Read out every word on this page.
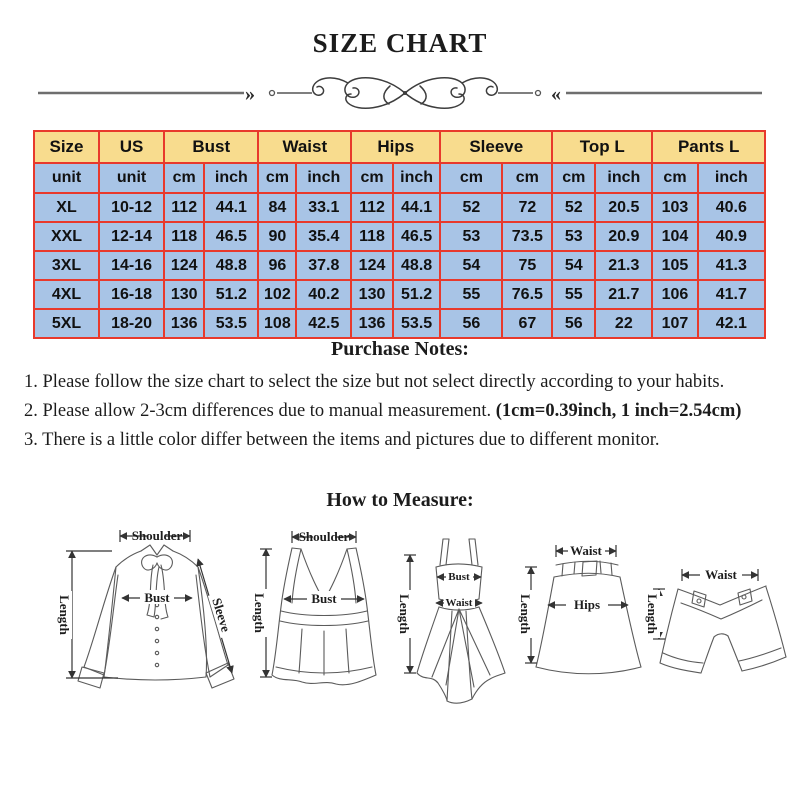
SIZE CHART
»	«
Size	US	Bust		Waist		Hips		Sleeve		Top L		Pants L	
unit	unit	cm	inch	cm	inch	cm	inch	cm	cm	cm	inch	cm	inch
XL	10-12	112	44.1	84	33.1	112	44.1	52	72	52	20.5	103	40.6
XXL	12-14	118	46.5	90	35.4	118	46.5	53	73.5	53	20.9	104	40.9
3XL	14-16	124	48.8	96	37.8	124	48.8	54	75	54	21.3	105	41.3
4XL	16-18	130	51.2	102	40.2	130	51.2	55	76.5	55	21.7	106	41.7
5XL	18-20	136	53.5	108	42.5	136	53.5	56	67	56	22	107	42.1
Purchase Notes:

1. Please follow the size chart to select the size but not select directly according to your habits.

2. Please allow 2-3cm differences due to manual measurement. (1cm=0.39inch, 1 inch=2.54cm)

3. There is a little color differ between the items and pictures due to different monitor.

How to Measure:
Shoulder
Length	Bust	Sleeve
Shoulder
Length	Bust	Length
Bust
Waist
Waist
Hips
Length
Waist
Length
